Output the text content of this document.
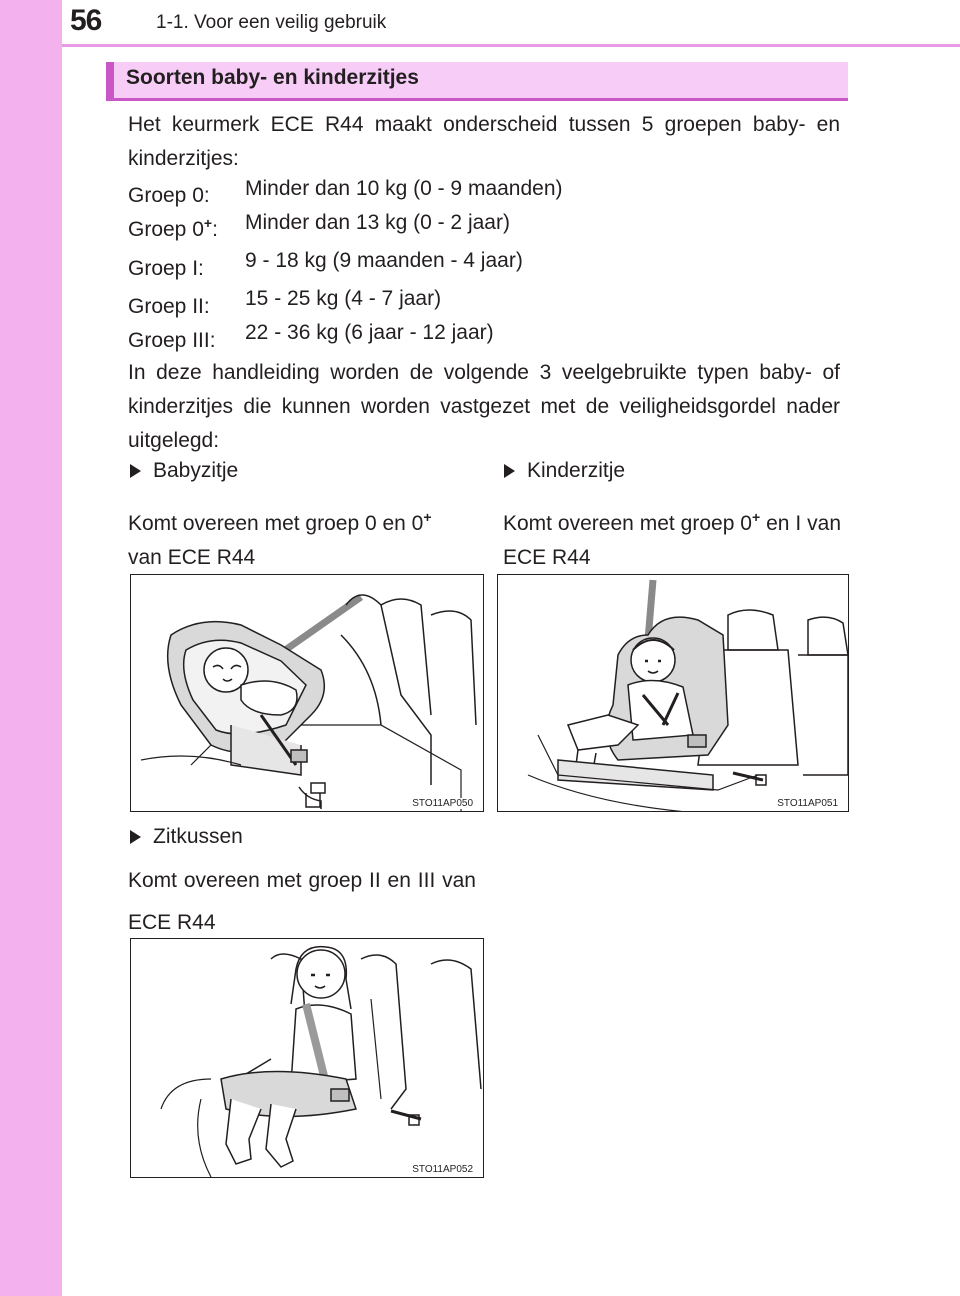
56	1-1. Voor een veilig gebruik
Soorten baby- en kinderzitjes
Het keurmerk ECE R44 maakt onderscheid tussen 5 groepen baby- en kinderzitjes:
Groep 0: Minder dan 10 kg (0 - 9 maanden)
Groep 0+: Minder dan 13 kg (0 - 2 jaar)
Groep I: 9 - 18 kg (9 maanden - 4 jaar)
Groep II: 15 - 25 kg (4 - 7 jaar)
Groep III: 22 - 36 kg (6 jaar - 12 jaar)
In deze handleiding worden de volgende 3 veelgebruikte typen baby- of kinderzitjes die kunnen worden vastgezet met de veiligheidsgordel nader uitgelegd:
Babyzitje
Komt overeen met groep 0 en 0+
van ECE R44
Kinderzitje
Komt overeen met groep 0+ en I van ECE R44
STO11AP050	STO11AP051
Zitkussen
Komt overeen met groep II en III van ECE R44
STO11AP052
